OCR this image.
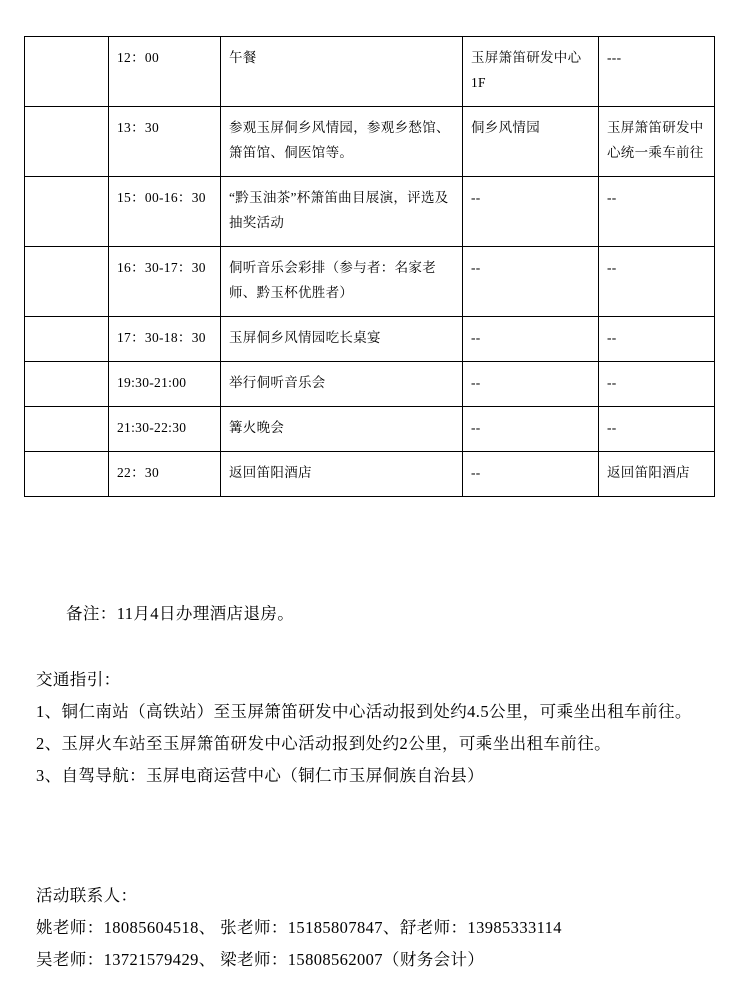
	12：00	午餐	玉屏箫笛研发中心1F	---
	13：30	参观玉屏侗乡风情园，参观乡愁馆、箫笛馆、侗医馆等。	侗乡风情园	玉屏箫笛研发中心统一乘车前往
	15：00-16：30	“黔玉油茶”杯箫笛曲目展演，评选及抽奖活动	--	--
	16：30-17：30	侗听音乐会彩排（参与者：名家老师、黔玉杯优胜者）	--	--
	17：30-18：30	玉屏侗乡风情园吃长桌宴	--	--
	19:30-21:00	举行侗听音乐会	--	--
	21:30-22:30	篝火晚会	--	--
	22：30	返回笛阳酒店	--	返回笛阳酒店
备注：11月4日办理酒店退房。

交通指引：

1、铜仁南站（高铁站）至玉屏箫笛研发中心活动报到处约4.5公里，可乘坐出租车前往。

2、玉屏火车站至玉屏箫笛研发中心活动报到处约2公里，可乘坐出租车前往。

3、自驾导航：玉屏电商运营中心（铜仁市玉屏侗族自治县）

活动联系人：

姚老师：18085604518、 张老师：15185807847、舒老师：13985333114

吴老师：13721579429、 梁老师：15808562007（财务会计）
